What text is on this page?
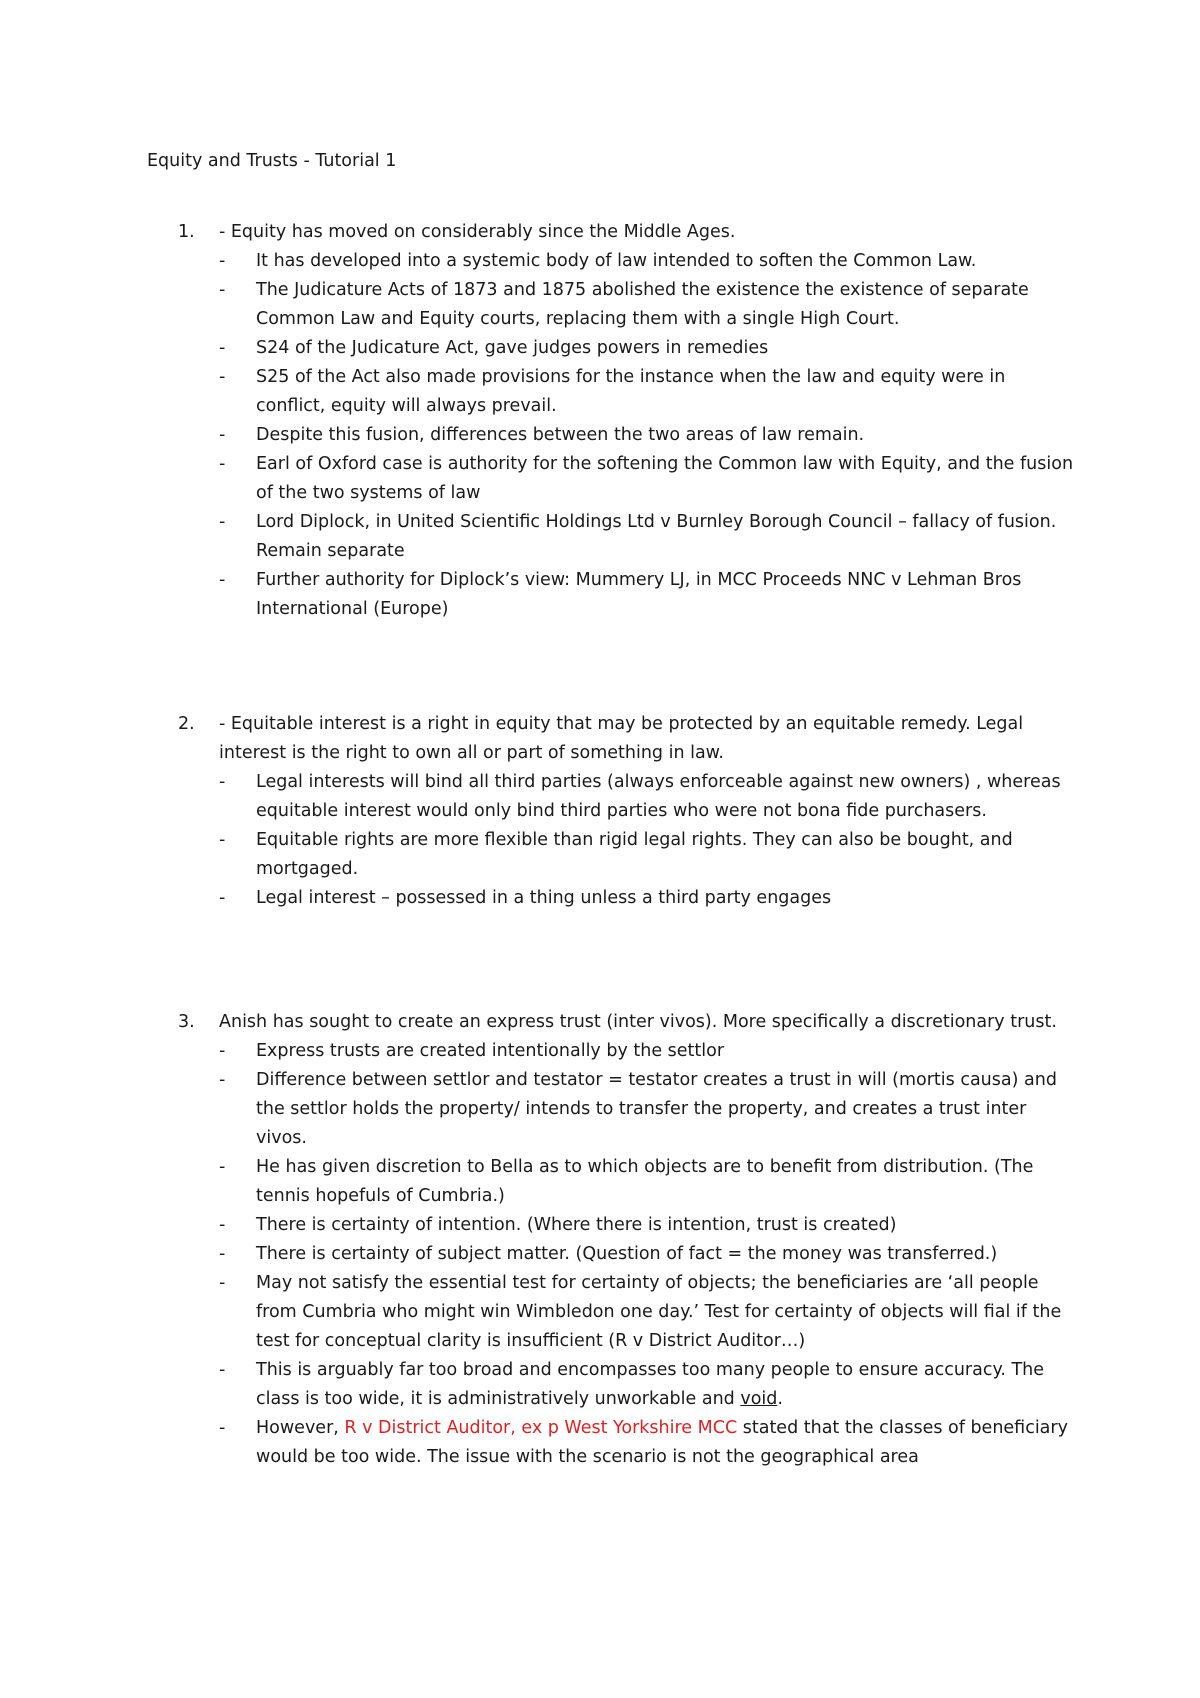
Equity and Trusts - Tutorial 1
1. - Equity has moved on considerably since the Middle Ages.

-	It has developed into a systemic body of law intended to soften the Common Law.
-	The Judicature Acts of 1873 and 1875 abolished the existence the existence of separate Common Law and Equity courts, replacing them with a single High Court.
-	S24 of the Judicature Act, gave judges powers in remedies
-	S25 of the Act also made provisions for the instance when the law and equity were in conflict, equity will always prevail.
-	Despite this fusion, differences between the two areas of law remain.
-	Earl of Oxford case is authority for the softening the Common law with Equity, and the fusion of the two systems of law
-	Lord Diplock, in United Scientific Holdings Ltd v Burnley Borough Council – fallacy of fusion. Remain separate
-	Further authority for Diplock’s view: Mummery LJ, in MCC Proceeds NNC v Lehman Bros International (Europe)
2. - Equitable interest is a right in equity that may be protected by an equitable remedy. Legal interest is the right to own all or part of something in law.

-	Legal interests will bind all third parties (always enforceable against new owners) , whereas equitable interest would only bind third parties who were not bona fide purchasers.
-	Equitable rights are more flexible than rigid legal rights. They can also be bought, and mortgaged.
-	Legal interest – possessed in a thing unless a third party engages
3. Anish has sought to create an express trust (inter vivos). More specifically a discretionary trust.

-	Express trusts are created intentionally by the settlor
-	Difference between settlor and testator = testator creates a trust in will (mortis causa) and the settlor holds the property/ intends to transfer the property, and creates a trust inter vivos.
-	He has given discretion to Bella as to which objects are to benefit from distribution. (The tennis hopefuls of Cumbria.)
-	There is certainty of intention. (Where there is intention, trust is created)
-	There is certainty of subject matter. (Question of fact = the money was transferred.)
-	May not satisfy the essential test for certainty of objects; the beneficiaries are ‘all people from Cumbria who might win Wimbledon one day.’ Test for certainty of objects will fial if the test for conceptual clarity is insufficient (R v District Auditor…)
-	This is arguably far too broad and encompasses too many people to ensure accuracy. The class is too wide, it is administratively unworkable and void.
-	However, R v District Auditor, ex p West Yorkshire MCC stated that the classes of beneficiary would be too wide. The issue with the scenario is not the geographical area
